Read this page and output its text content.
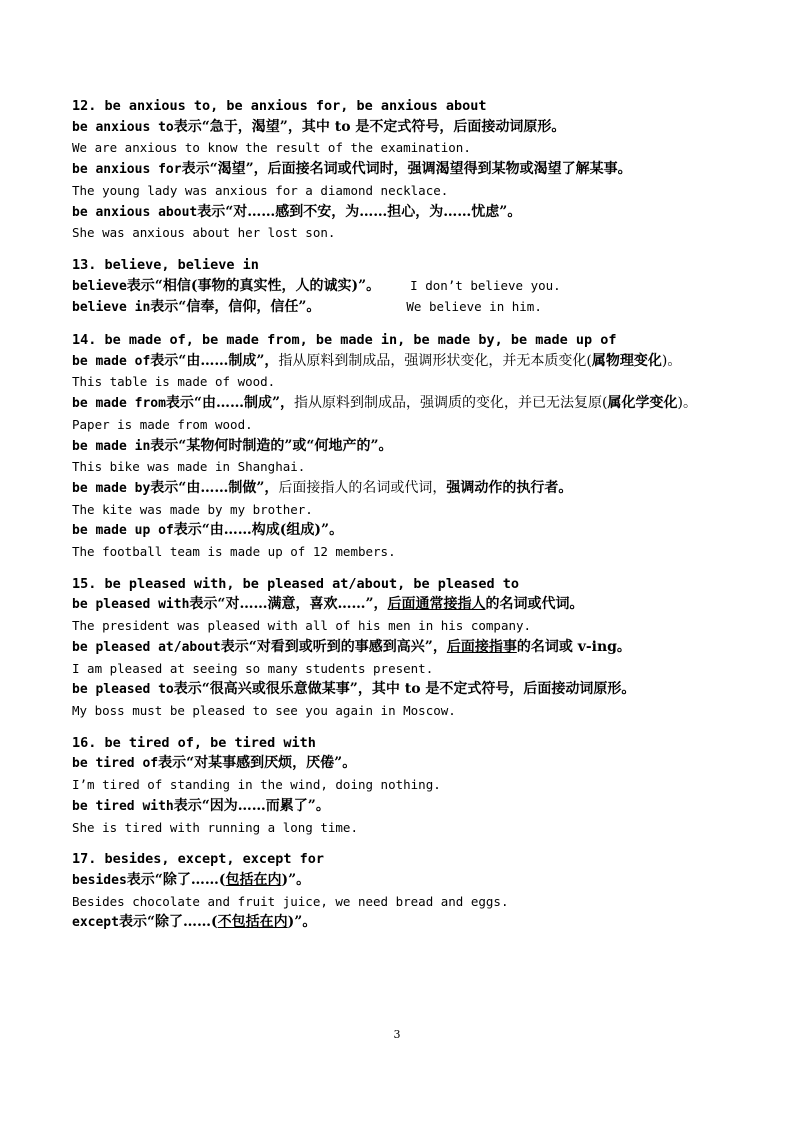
12. be anxious to, be anxious for, be anxious about
be anxious to表示“急于，渴望”，其中 to 是不定式符号，后面接动词原形。
We are anxious to know the result of the examination.
be anxious for表示“渴望”，后面接名词或代词时，强调渴望得到某物或渴望了解某事。
The young lady was anxious for a diamond necklace.
be anxious about表示“对……感到不安，为……担心，为……忧虑”。
She was anxious about her lost son.
13. believe, believe in
believe表示“相信(事物的真实性，人的诚实)”。 I don’t believe you.
believe in表示“信奉，信仰，信任”。	We believe in him.
14. be made of, be made from, be made in, be made by, be made up of
be made of表示“由……制成”，指从原料到制成品，强调形状变化，并无本质变化(属物理变化)。
This table is made of wood.
be made from表示“由……制成”，指从原料到制成品，强调质的变化，并已无法复原(属化学变化)。
Paper is made from wood.
be made in表示“某物何时制造的”或“何地产的”。
This bike was made in Shanghai.
be made by表示“由……制做”，后面接指人的名词或代词，强调动作的执行者。
The kite was made by my brother.
be made up of表示“由……构成(组成)”。
The football team is made up of 12 members.
15. be pleased with, be pleased at/about, be pleased to
be pleased with表示“对……满意，喜欢……”，后面通常接指人的名词或代词。
The president was pleased with all of his men in his company.
be pleased at/about表示“对看到或听到的事感到高兴”，后面接指事的名词或 v-ing。
I am pleased at seeing so many students present.
be pleased to表示“很高兴或很乐意做某事”，其中 to 是不定式符号，后面接动词原形。
My boss must be pleased to see you again in Moscow.
16. be tired of, be tired with
be tired of表示“对某事感到厌烦，厌倦”。
I’m tired of standing in the wind, doing nothing.
be tired with表示“因为……而累了”。
She is tired with running a long time.
17. besides, except, except for
besides表示“除了……(包括在内)”。
Besides chocolate and fruit juice, we need bread and eggs.
except表示“除了……(不包括在内)”。
3
